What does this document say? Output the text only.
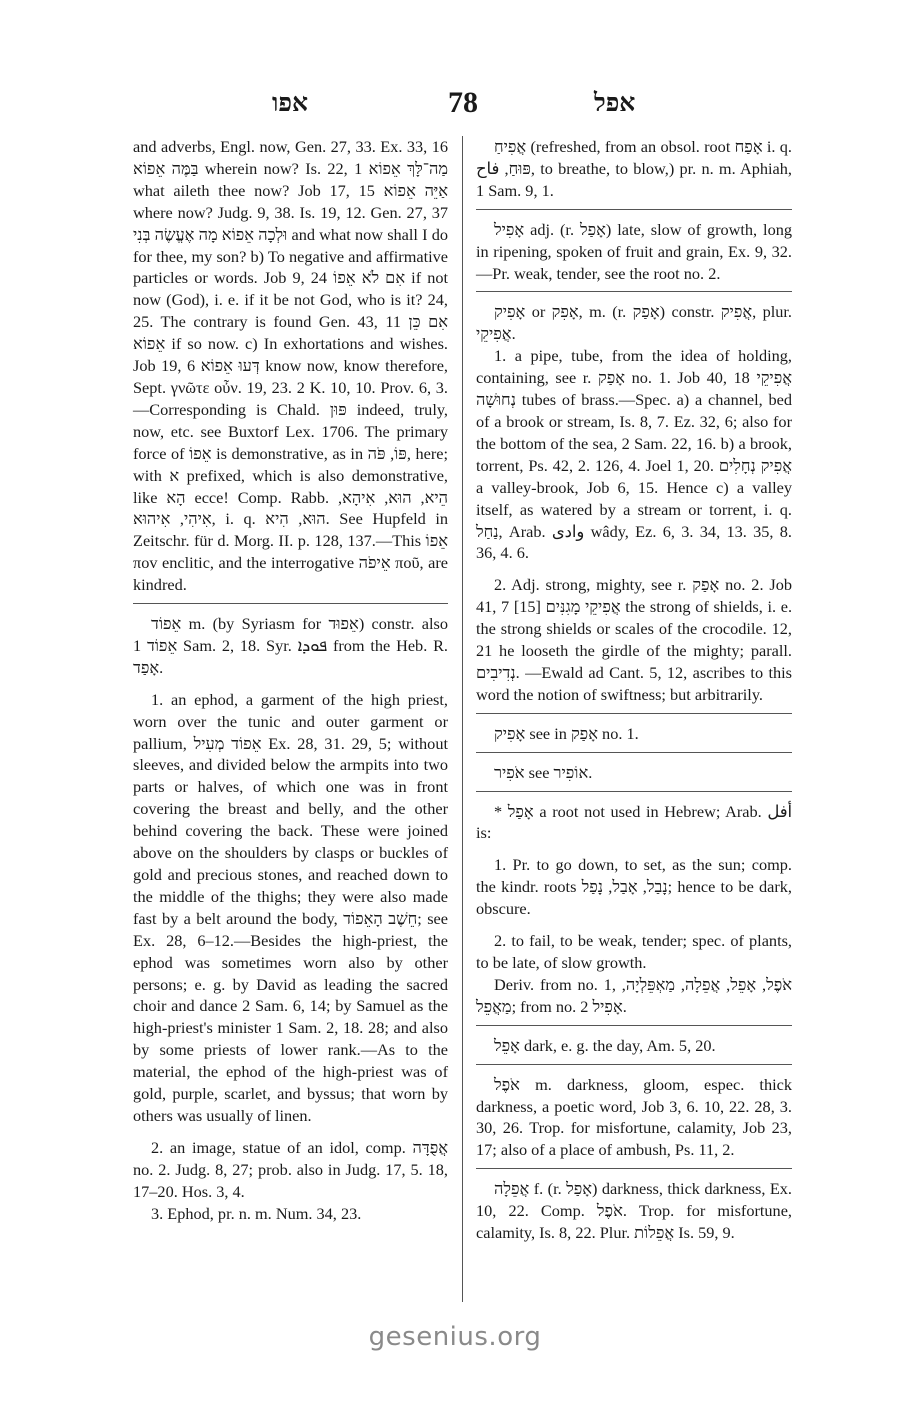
אפו	78	אפל

and adverbs, Engl. now, Gen. 27, 33. Ex. 33, 16 בַּמֶּה אֵפוֹא wherein now? Is. 22, 1 מַה־לָּךְ אֵפוֹא what aileth thee now? Job 17, 15 אַיֵּה אֵפוֹא where now? Judg. 9, 38. Is. 19, 12. Gen. 27, 37 וּלְכָה אֵפוֹא מָה אֶעֱשֶׂה בְּנִי and what now shall I do for thee, my son? b) To negative and affirmative particles or words. Job 9, 24 אִם לֹא אֵפוֹ if not now (God), i. e. if it be not God, who is it? 24, 25. The contrary is found Gen. 43, 11 אִם כֵּן אֵפוֹא if so now. c) In exhortations and wishes. Job 19, 6 דְּעוּ אֵפוֹא know now, know therefore, Sept. γνῶτε οὖν. 19, 23. 2 K. 10, 10. Prov. 6, 3.—Corresponding is Chald. פּוּן indeed, truly, now, etc. see Buxtorf Lex. 1706. The primary force of אֵפוֹ is demonstrative, as in פּוֹ, פֹּה, here; with א prefixed, which is also demonstrative, like הָא ecce! Comp. Rabb. הֵיא, הוּא, אִיהָא, אִיהִי, אִיהוּא, i. q. הוּא, הִיא. See Hupfeld in Zeitschr. für d. Morg. II. p. 128, 137.—This אֵפוֹ πov enclitic, and the interrogative אֵיפֹה ποῦ, are kindred.

אֵפוֹד m. (by Syriasm for אֵפוּד) constr. also אֵפוֹד 1 Sam. 2, 18. Syr. ܦܘܕܐ from the Heb. R. אָפַד.

1. an ephod, a garment of the high priest, worn over the tunic and outer garment or pallium, אֵפוֹד מְעִיל Ex. 28, 31. 29, 5; without sleeves, and divided below the armpits into two parts or halves, of which one was in front covering the breast and belly, and the other behind covering the back. These were joined above on the shoulders by clasps or buckles of gold and precious stones, and reached down to the middle of the thighs; they were also made fast by a belt around the body, חֵשֶׁב הָאֵפוֹד; see Ex. 28, 6–12.—Besides the high-priest, the ephod was sometimes worn also by other persons; e. g. by David as leading the sacred choir and dance 2 Sam. 6, 14; by Samuel as the high-priest's minister 1 Sam. 2, 18. 28; and also by some priests of lower rank.—As to the material, the ephod of the high-priest was of gold, purple, scarlet, and byssus; that worn by others was usually of linen.

2. an image, statue of an idol, comp. אֲפֻדָּה no. 2. Judg. 8, 27; prob. also in Judg. 17, 5. 18, 17–20. Hos. 3, 4.

3. Ephod, pr. n. m. Num. 34, 23.

אֲפִיחַ (refreshed, from an obsol. root אָפַח i. q. פּוּחַ, فاح, to breathe, to blow,) pr. n. m. Aphiah, 1 Sam. 9, 1.

אָפִיל adj. (r. אָפַל) late, slow of growth, long in ripening, spoken of fruit and grain, Ex. 9, 32.—Pr. weak, tender, see the root no. 2.

אָפִיק or אָפִק, m. (r. אָפַק) constr. אֲפִיק, plur. אֲפִיקֵי.

1. a pipe, tube, from the idea of holding, containing, see r. אָפַק no. 1. Job 40, 18 אֲפִיקֵי נְחוּשָׁה tubes of brass.—Spec. a) a channel, bed of a brook or stream, Is. 8, 7. Ez. 32, 6; also for the bottom of the sea, 2 Sam. 22, 16. b) a brook, torrent, Ps. 42, 2. 126, 4. Joel 1, 20. אֲפִיק נְחָלִים a valley-brook, Job 6, 15. Hence c) a valley itself, as watered by a stream or torrent, i. q. נַחַל, Arab. وادى wâdy, Ez. 6, 3. 34, 13. 35, 8. 36, 4. 6.

2. Adj. strong, mighty, see r. אָפַק no. 2. Job 41, 7 [15] אֲפִיקֵי מָגִנִּים the strong of shields, i. e. the strong shields or scales of the crocodile. 12, 21 he looseth the girdle of the mighty; parall. נְדִיבִים. —Ewald ad Cant. 5, 12, ascribes to this word the notion of swiftness; but arbitrarily.

אָפִיק see in אָפַק no. 1.

אֹפִיר see אוֹפִיר.

* אָפַל a root not used in Hebrew; Arab. أفل is:

1. Pr. to go down, to set, as the sun; comp. the kindr. roots נָבַל, אָבַל, נָפַל; hence to be dark, obscure.

2. to fail, to be weak, tender; spec. of plants, to be late, of slow growth.

Deriv. from no. 1, אֹפֶל, אָפֵל, אֲפֵלָה, מַאְפֵּלְיָה, מַאֲפֵל; from no. 2 אָפִיל.

אָפֵל dark, e. g. the day, Am. 5, 20.

אֹפֶל m. darkness, gloom, espec. thick darkness, a poetic word, Job 3, 6. 10, 22. 28, 3. 30, 26. Trop. for misfortune, calamity, Job 23, 17; also of a place of ambush, Ps. 11, 2.

אֲפֵלָה f. (r. אָפַל) darkness, thick darkness, Ex. 10, 22. Comp. אֹפֶל. Trop. for misfortune, calamity, Is. 8, 22. Plur. אֲפֵלוֹת Is. 59, 9.

gesenius.org
